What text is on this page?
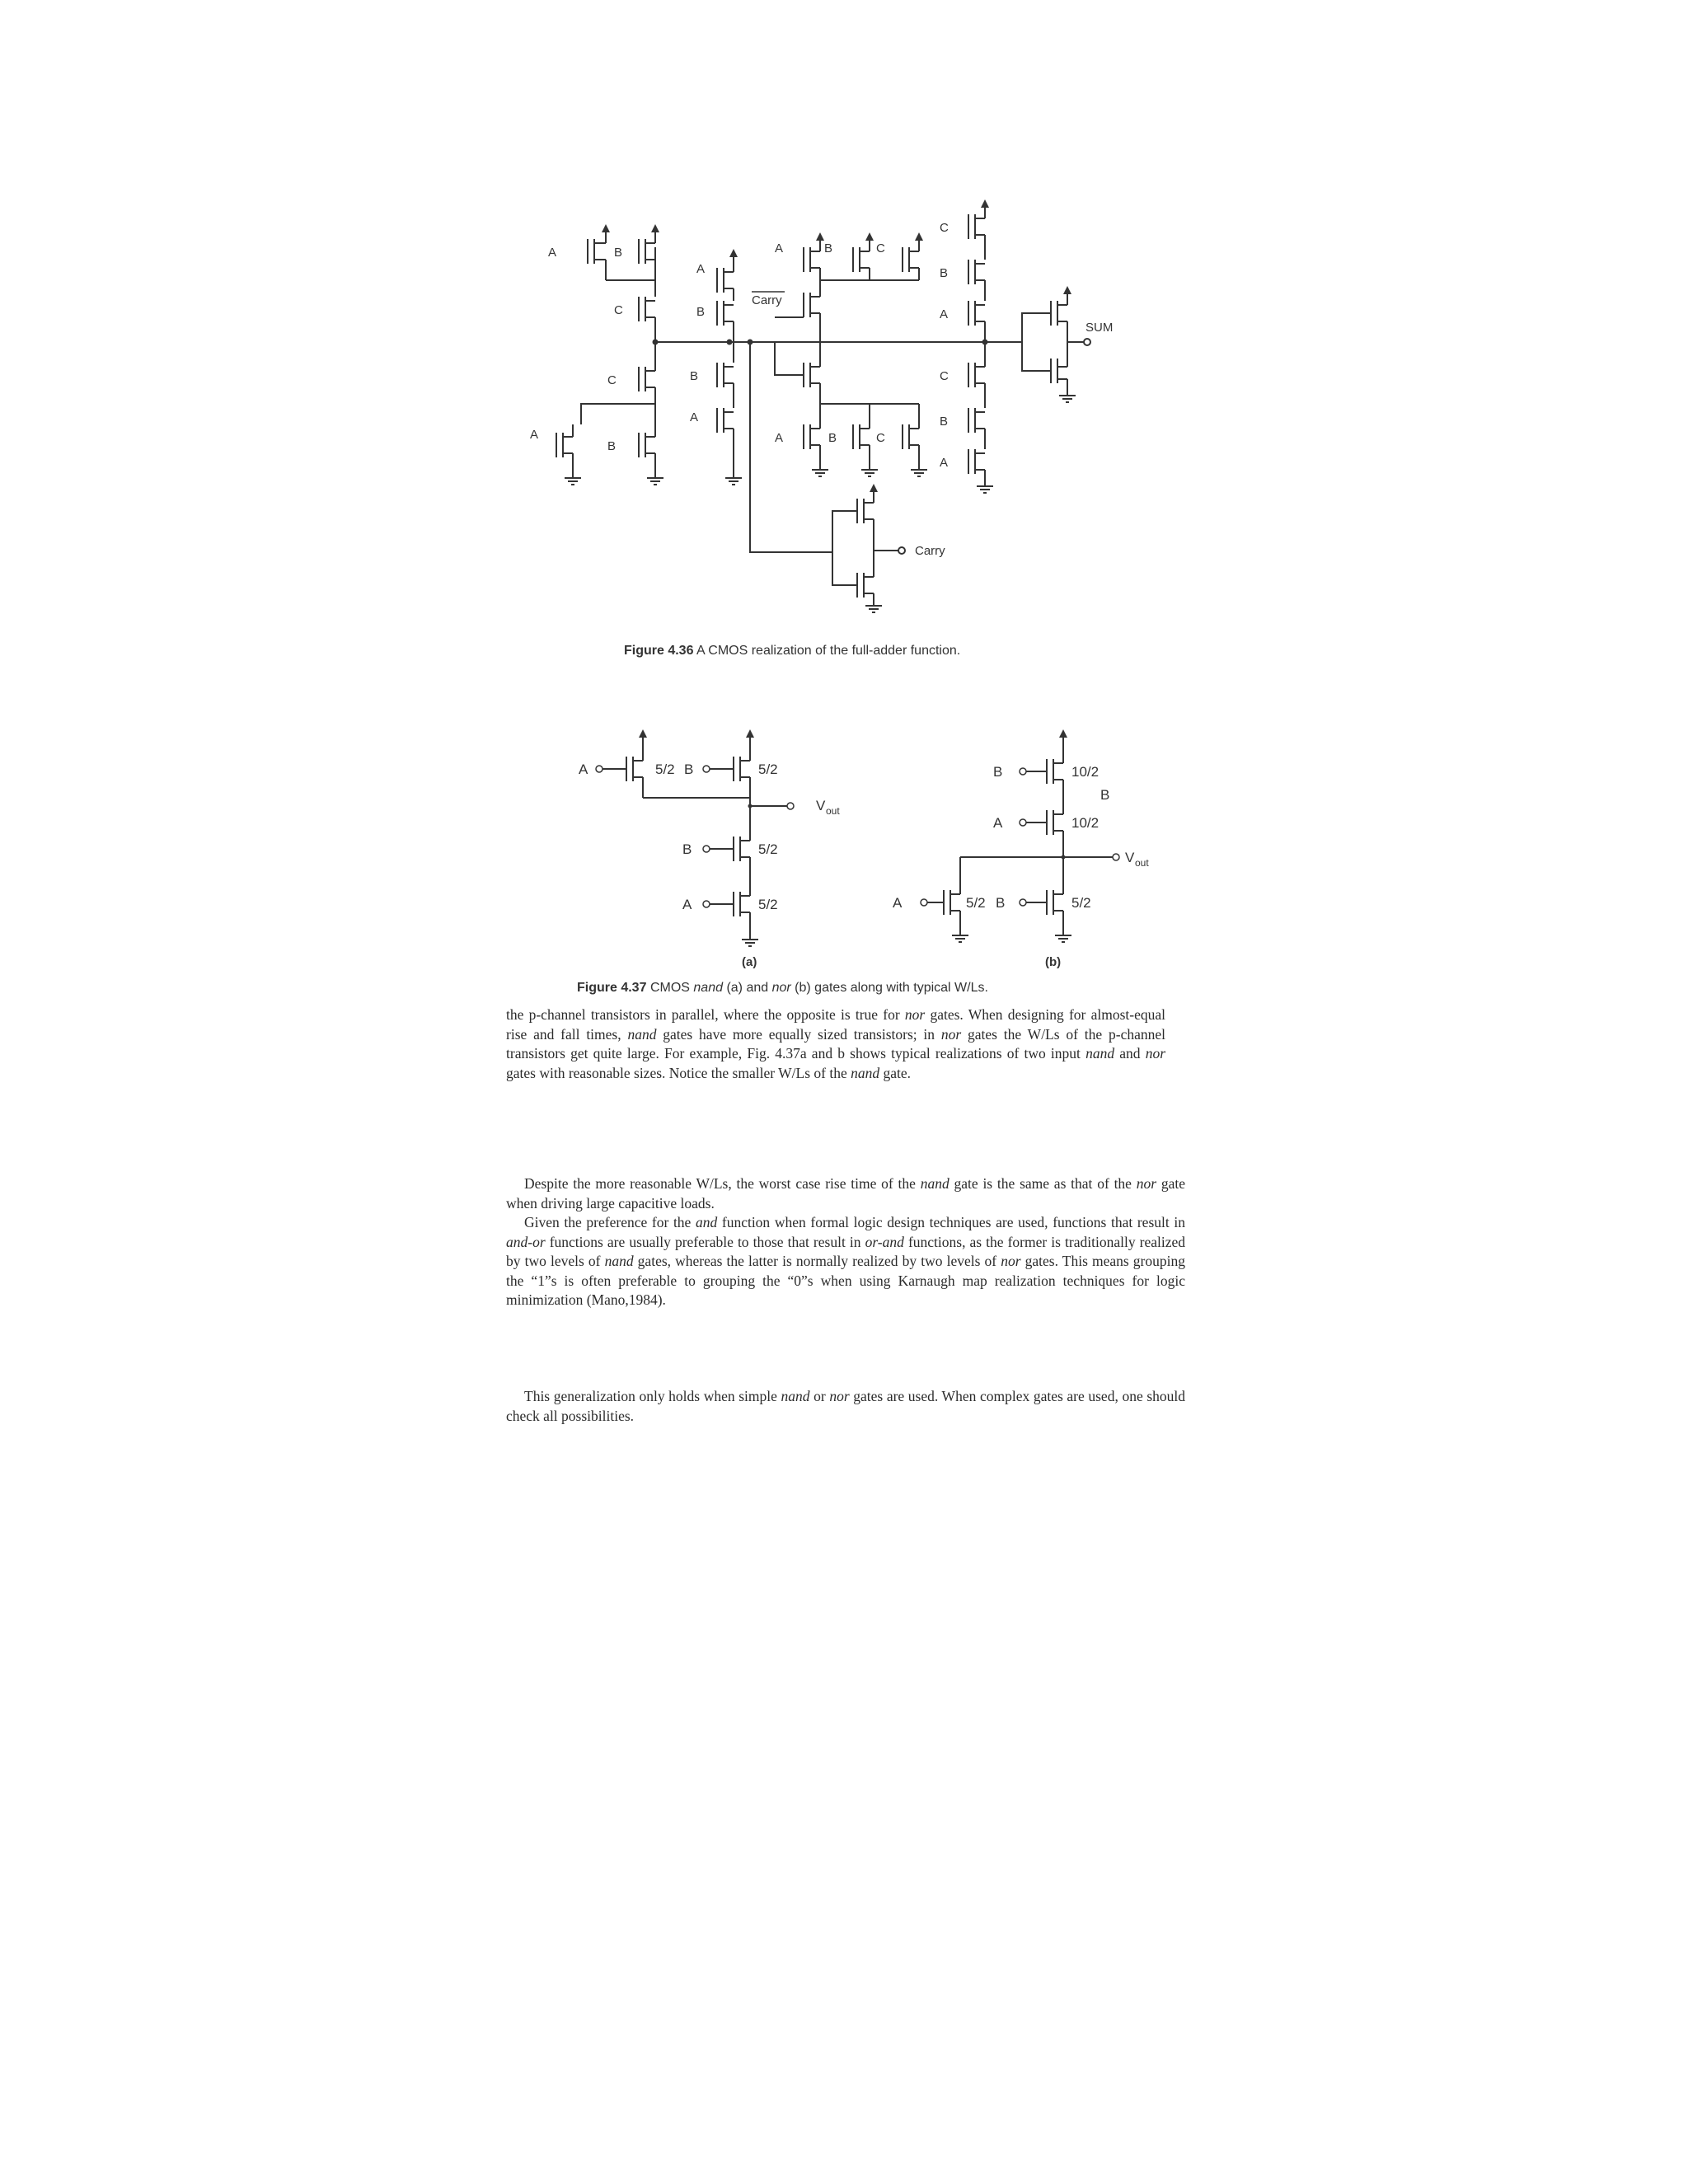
A	B
C
C
B
A
A
B
B
A
Carry
A	B	C
A	B	C
C
B
A
C
B
A
SUM
Carry
Figure 4.36 A CMOS realization of the full-adder function.
A	5/2 B	5/2
V out
B	5/2
A	5/2
(a)
B	10/2
B
A	10/2
V out
A	5/2 B	5/2
(b)
Figure 4.37 CMOS nand (a) and nor (b) gates along with typical W/Ls.

the p-channel transistors in parallel, where the opposite is true for nor gates. When designing for almost-equal rise and fall times, nand gates have more equally sized transistors; in nor gates the W/Ls of the p-channel transistors get quite large. For example, Fig. 4.37a and b shows typical realizations of two input nand and nor gates with reasonable sizes. Notice the smaller W/Ls of the nand gate.

Despite the more reasonable W/Ls, the worst case rise time of the nand gate is the same as that of the nor gate when driving large capacitive loads.

Given the preference for the and function when formal logic design techniques are used, functions that result in and-or functions are usually preferable to those that result in or-and functions, as the former is traditionally realized by two levels of nand gates, whereas the latter is normally realized by two levels of nor gates. This means grouping the “1”s is often preferable to grouping the “0”s when using Karnaugh map realization techniques for logic minimization (Mano,1984).

This generalization only holds when simple nand or nor gates are used. When complex gates are used, one should check all possibilities.
